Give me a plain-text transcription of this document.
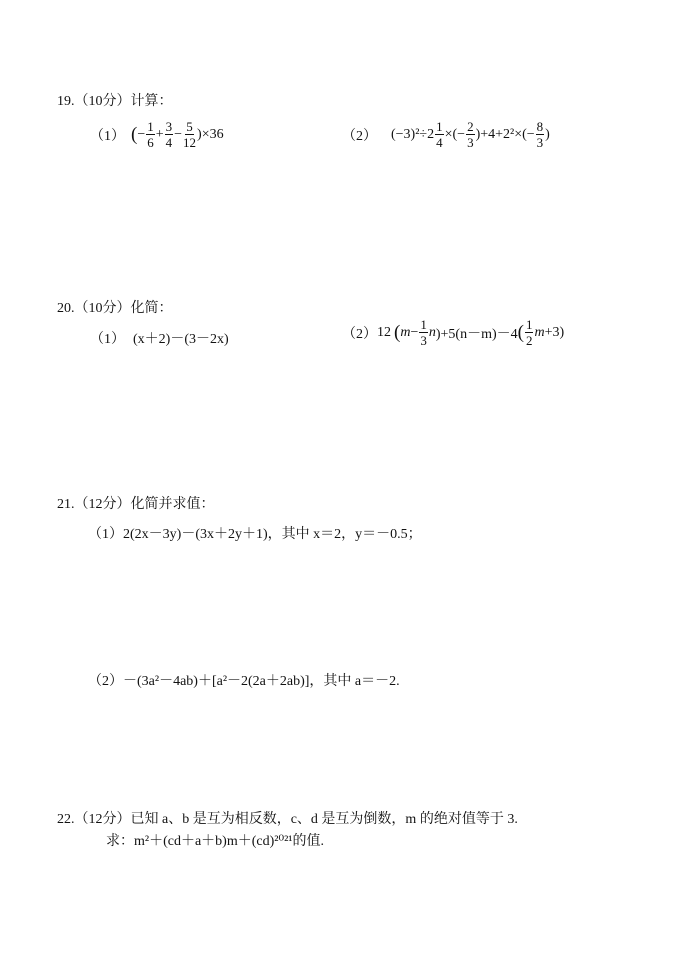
19.（10分）计算：
（1） ( − $\frac{1}{6} + \frac{3}{4} - \frac{5}{12} )\times 36$	（2） $(-3)^2\div 2 \frac{1}{4}$ ×(− $\frac{2}{3} )+4+2^2\times(- \frac{8}{3}$ )
20.（10分）化简：
（1） (x＋2)－(3－2x)	（2） 12 ( $m - \frac{1}{3}$ n )+5(n－m)－4 ( $\frac{1}{2}$ m +3)
21.（12分）化简并求值：
（1）2(2x－3y)－(3x＋2y＋1)，其中 x＝2，y＝－0.5；
（2）－(3a²－4ab)＋[a²－2(2a＋2ab)]，其中 a＝－2.
22.（12分）已知 a、b 是互为相反数，c、d 是互为倒数，m 的绝对值等于 3.
求：m²＋(cd＋a＋b)m＋(cd)²⁰²¹的值.
